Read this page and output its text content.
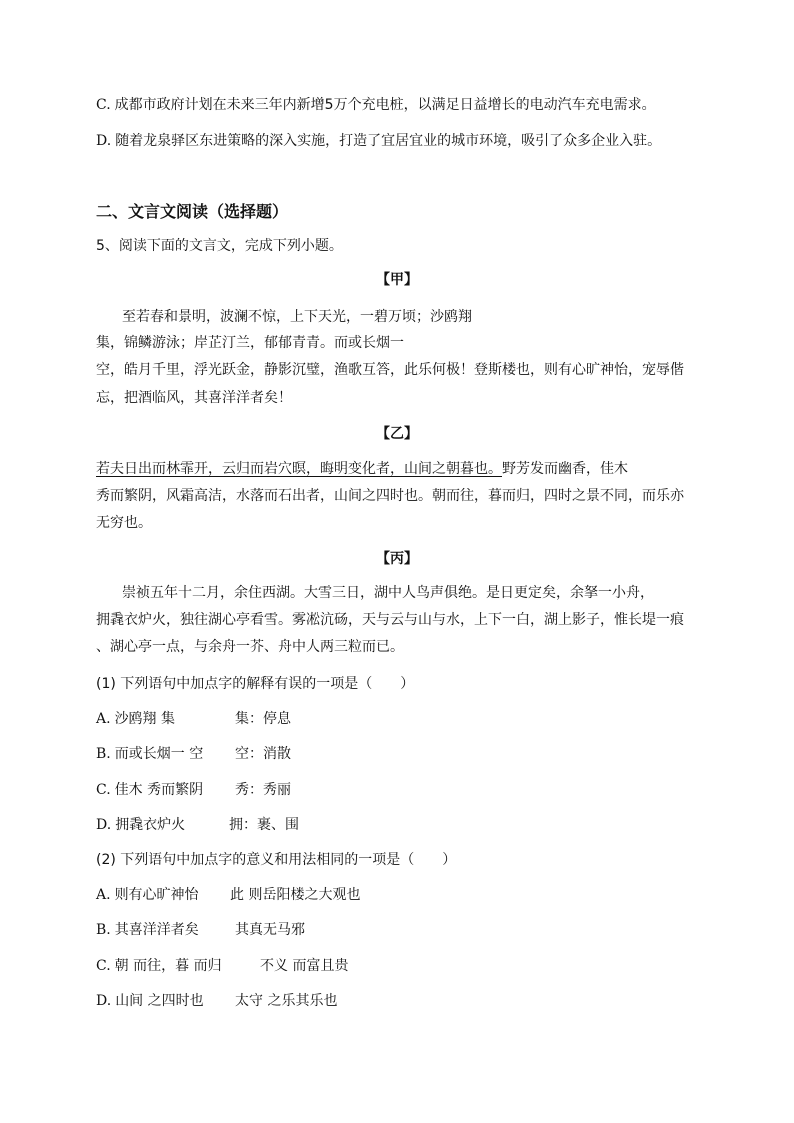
C. 成都市政府计划在未来三年内新增5万个充电桩，以满足日益增长的电动汽车充电需求。
D. 随着龙泉驿区东进策略的深入实施，打造了宜居宜业的城市环境，吸引了众多企业入驻。
二、文言文阅读（选择题）
5、阅读下面的文言文，完成下列小题。
【甲】
至若春和景明，波澜不惊，上下天光，一碧万顷；沙鸥翔
集，锦鳞游泳；岸芷汀兰，郁郁青青。而或长烟一
空，皓月千里，浮光跃金，静影沉璧，渔歌互答，此乐何极！登斯楼也，则有心旷神怡，宠辱偕
忘，把酒临风，其喜洋洋者矣！
【乙】
若夫日出而林霏开，云归而岩穴暝，晦明变化者，山间之朝暮也。野芳发而幽香，佳木
秀而繁阴，风霜高洁，水落而石出者，山间之四时也。朝而往，暮而归，四时之景不同，而乐亦
无穷也。
【丙】
崇祯五年十二月，余住西湖。大雪三日，湖中人鸟声俱绝。是日更定矣，余拏一小舟，
拥毳衣炉火，独往湖心亭看雪。雾凇沆砀，天与云与山与水，上下一白，湖上影子，惟长堤一痕
、湖心亭一点，与余舟一芥、舟中人两三粒而已。
(1) 下列语句中加点字的解释有误的一项是（　　）
A. 沙鸥翔 集	集：停息
B. 而或长烟一 空 空：消散
C. 佳木 秀而繁阴 秀：秀丽
D. 拥毳衣炉火	拥：裹、围
(2) 下列语句中加点字的意义和用法相同的一项是（　　）
A. 则有心旷神怡 此 则岳阳楼之大观也
B. 其喜洋洋者矣	其真无马邪
C. 朝 而往，暮 而归	不义 而富且贵
D. 山间 之四时也 太守 之乐其乐也
